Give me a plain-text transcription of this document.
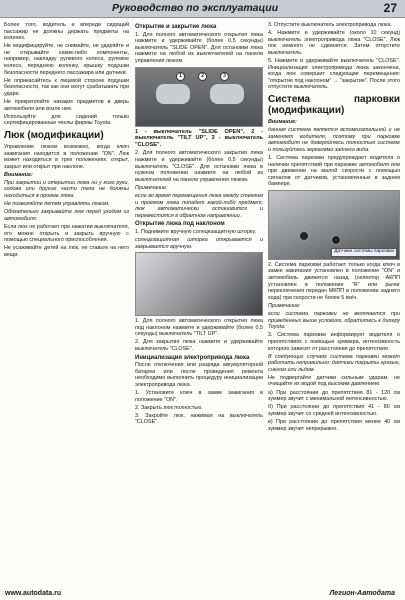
Руководство по эксплуатации	27

Более того, водитель и впереди сидящий пассажир не должны держать предметы на коленях.

Не модифицируйте, не снимайте, не ударяйте и не открывайте какие-либо компоненты, например, накладку рулевого колеса, рулевое колесо, переднюю колонку, крышку подушки безопасности переднего пассажира или датчики.

Не оприкасайтесь к лицевой стороне подушки безопасности, так как они могут срабатывать при ударе.

Не прикрепляйте никаких предметов в дверь автомобиля или возле нее.

Используйте для сидений только сертифицированные чехлы фирмы Toyota.

Люк (модификации)

Управление люком возможно, когда ключ зажигания находится в положении "ON". Люк может находиться в трех положениях: открыт, закрыт или открыт при наклоне.

Внимание:

При закрытии и открытии люка ни у кого руки, голова или другие части тела не должны находиться в проеме люка.

Не позволяйте детям управлять люком.

Обязательно закрывайте люк перед уходом из автомобиля.

Если люк не работает при нажатии выключателя, его можно открыть и закрыть вручную с помощью специального приспособления.

Не усаживайте детей на люк, не ставьте на него вещи.

Открытие и закрытие люка

1. Для полного автоматического открытия люка нажмите и удерживайте (более 0,5 секунды) выключатель "SLIDE OPEN". Для остановки люка нажмите на любой из выключателей на панели управления люком.

1	2	3
1 - выключатель "SLIDE OPEN", 2 - выключатель "TILT UP", 3 - выключатель "CLOSE".

2. Для полного автоматического закрытия люка нажмите и удерживайте (более 0,5 секунды) выключатель "CLOSE". Для остановки люка в нужном положении нажмите на любой из выключателей на панели управления люком.

Примечание:

если во время перемещения люка между стеклом и проемом люка попадет какой-либо предмет, люк автоматически остановится и переместится в обратном направлении.

Открытие люка под наклоном

1. Поднимите вручную солнцезащитную шторку.

солнцезащитная шторка открывается и закрывается вручную.

1. Для полного автоматического открытия люка под наклоном нажмите и удерживайте (более 0,5 секунды) выключатель "TILT UP".

2. Для закрытия люка нажмите и удерживайте выключатель "CLOSE".

Инициализация электропривода люка

После отключения или разряда аккумуляторной батареи или после проведения ремонта необходимо выполнить процедуру инициализации электропривода люка.

1. Установите ключ в замке зажигания в положение "ON".

2. Закрыть люк полностью.

3. Закройте люк, нажимая на выключатель "CLOSE".

3. Отпустите выключатель электропривода люка.

4. Нажмите и удерживайте (около 10 секунд) выключатель электропривода люка "CLOSE". Люк пок немного не сдвинется. Затем отпустите выключатель.

5. Нажмите и удерживайте выключатель "CLOSE". Инициализация электропривода люка закончена, когда люк совершит следующие перемещения: "открытие под наклоном" → "закрытие". После этого отпустите выключатель.

Система парковки (модификации)

Внимание:

данная система является вспомогательной и не заменяет водителя, поэтому при парковке автомобиля не доверяйтесь полностью системе и пользуйтесь зеркалами заднего вида.

1. Система парковки предупреждает водителя о наличии препятствий при парковке автомобиля или при движении на малой скорости с помощью сигналов от датчиков, установленных в заднем бампере.

Датчики системы парковки

2. Система парковки работает только когда ключ в замке зажигания установлен в положение "ON" и автомобиль движется назад (селектор АКПП установлен в положение "R" или рычаг переключения передач МКПП в положении заднего хода) при скорости не более 5 км/ч.

Примечание:

если система парковки не включается при приведенных выше условиях, обратитесь к дилеру Toyota.

3. Система парковки информирует водителя о препятствиях с помощью зуммера, интенсивность которого зависит от расстояния до препятствия.

В следующих случаях система парковки может работать неправильно: датчики покрыты грязью, снегом или льдом.

Не подвергайте датчики сильным ударам, не очищайте их водой под высоким давлением.

а) При расстоянии до препятствия 81 - 120 см зуммер звучит с минимальной интенсивностью.

б) При расстоянии до препятствия 41 - 80 см зуммер звучит со средней интенсивностью.

в) При расстоянии до препятствия менее 40 см зуммер звучит непрерывно.

www.autodata.ru	Легион-Автодата
